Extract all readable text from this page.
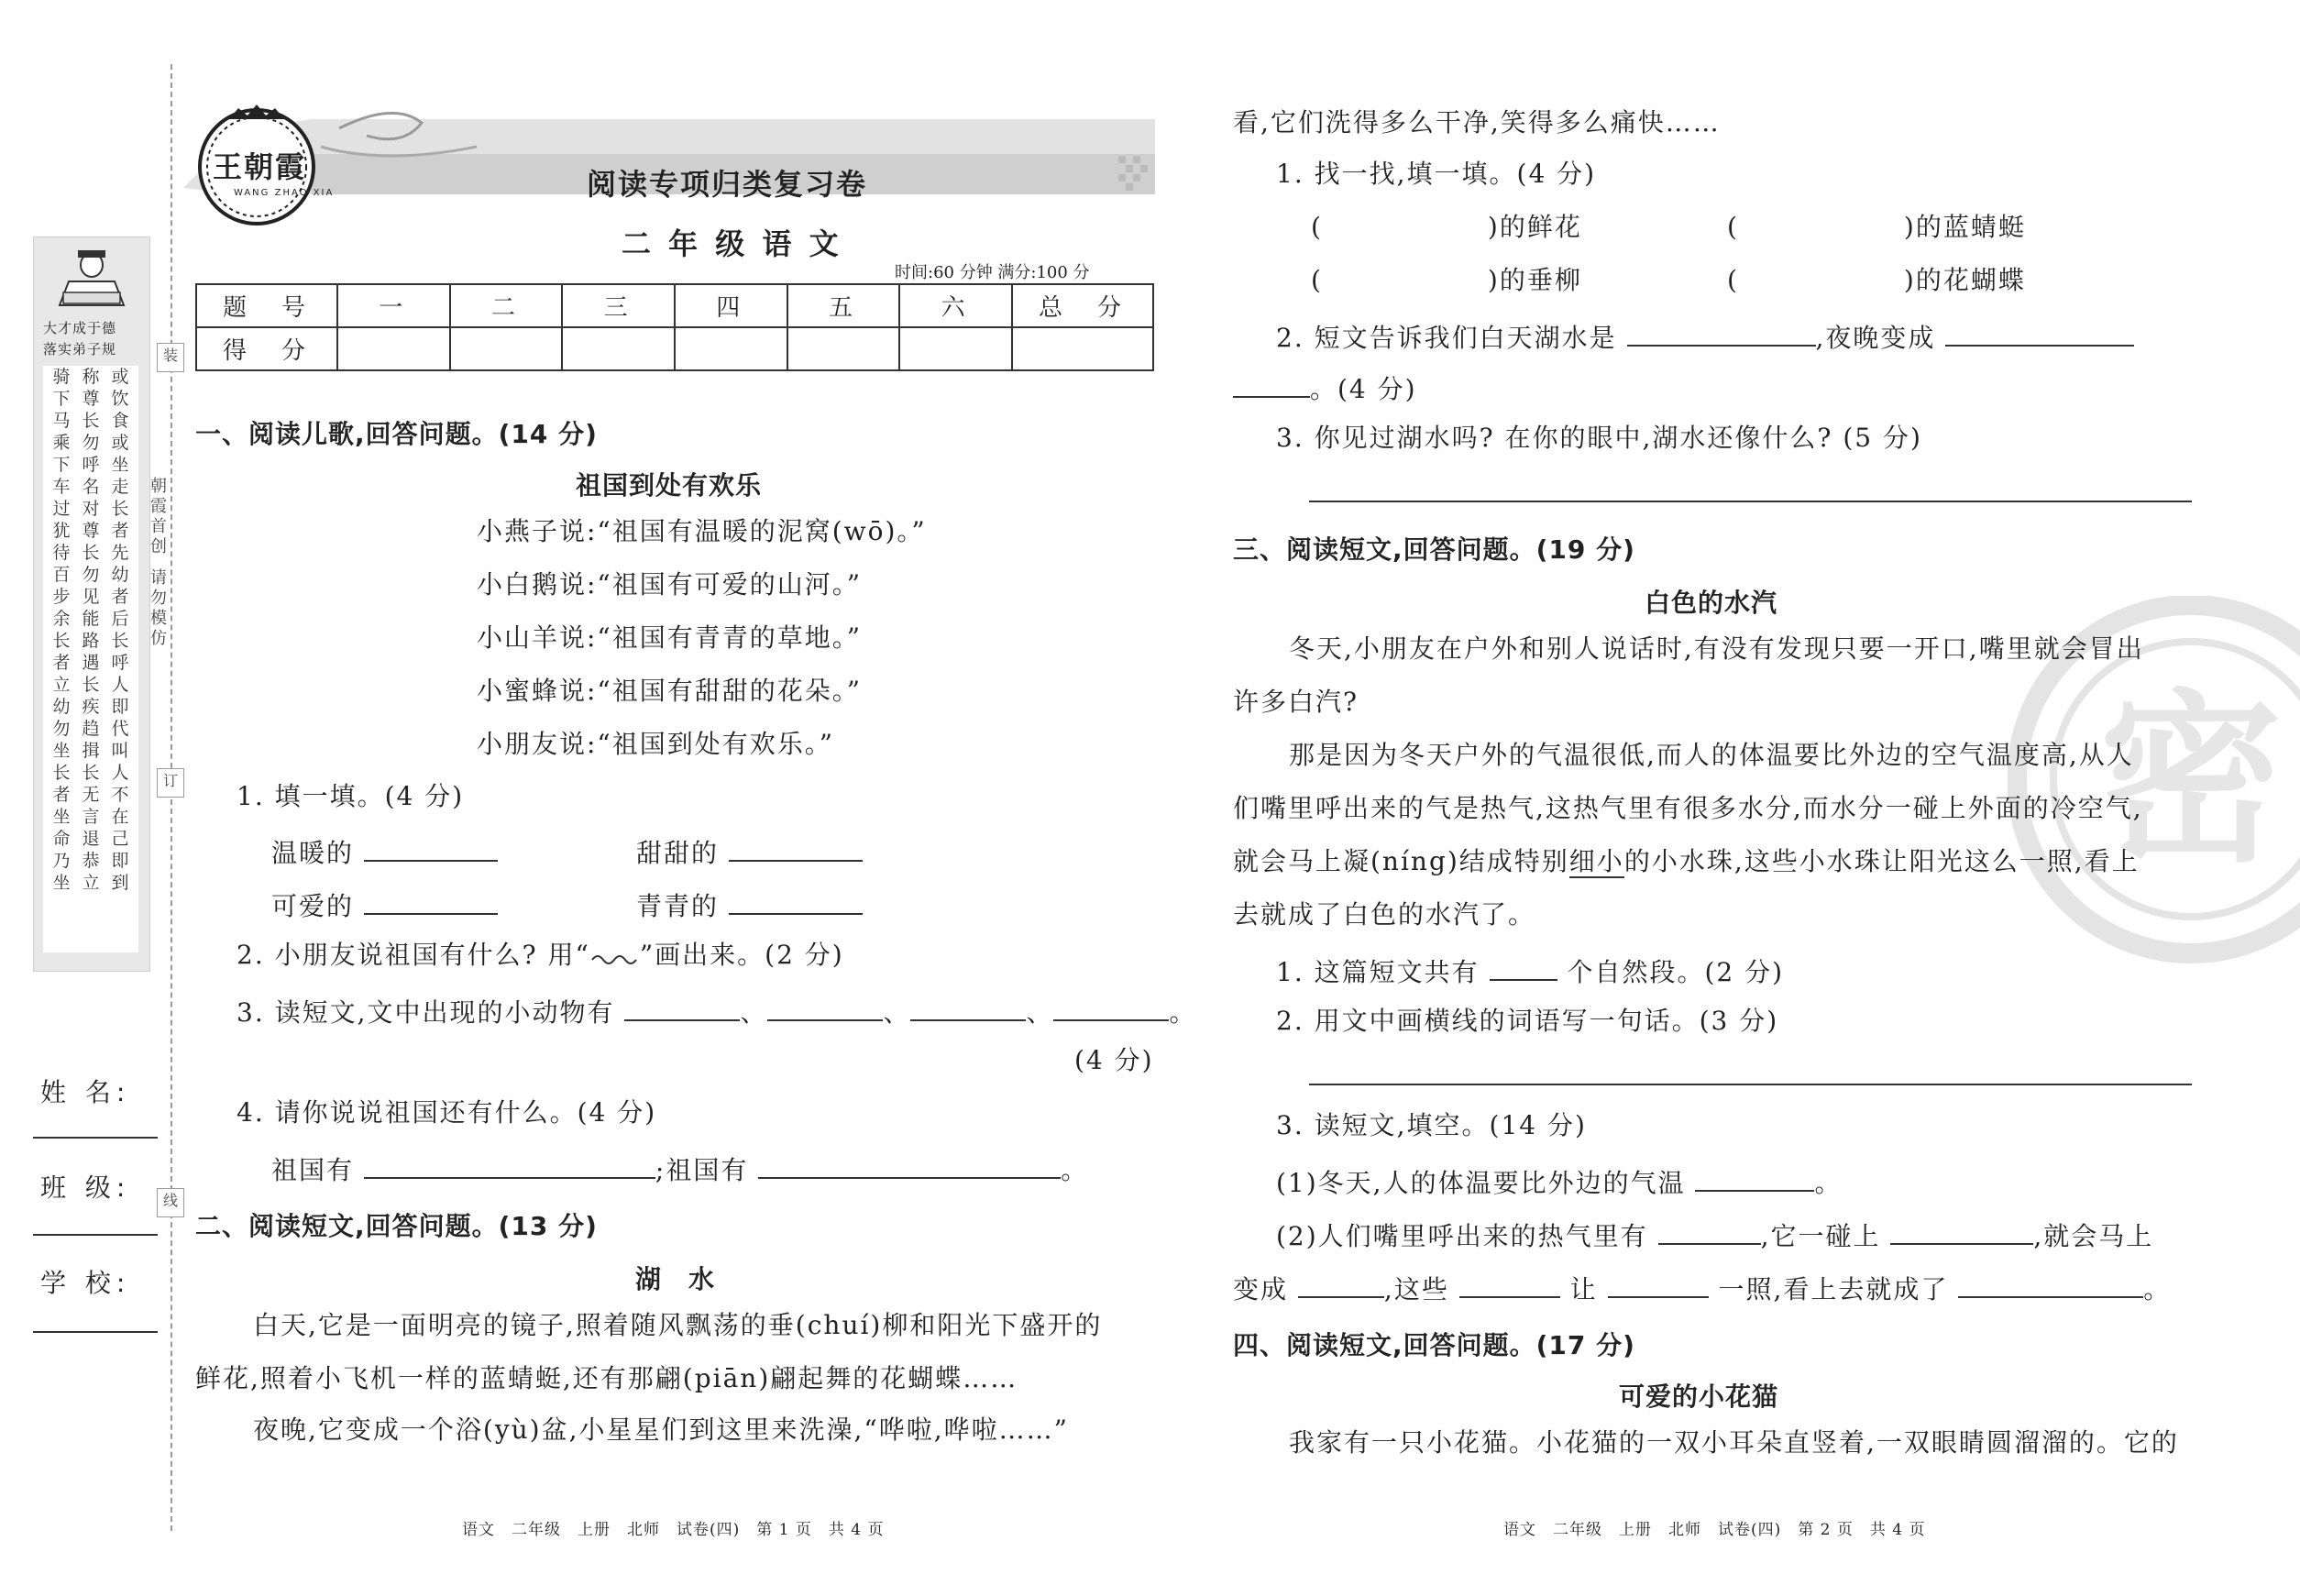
大才成于德
落实弟子规
骑下马乘下车过犹待百步余长者立幼勿坐长者坐命乃坐
称尊长勿呼名对尊长勿见能路遇长疾趋揖长无言退恭立
或饮食或坐走长者先幼者后长呼人即代叫人不在己即到
装
订
线
朝霞首创
请勿模仿
姓 名:
班 级:
学 校:
王朝霞
WANG ZHAO XIA	阅读专项归类复习卷
二 年 级 语 文
时间:60 分钟 满分:100 分
题　号	一	二	三	四	五	六	总　分
得　分							
一、阅读儿歌,回答问题。(14 分)
祖国到处有欢乐
小燕子说:“祖国有温暖的泥窝(wō)。”
小白鹅说:“祖国有可爱的山河。”
小山羊说:“祖国有青青的草地。”
小蜜蜂说:“祖国有甜甜的花朵。”
小朋友说:“祖国到处有欢乐。”
1. 填一填。(4 分)
温暖的	甜甜的
可爱的	青青的
2. 小朋友说祖国有什么? 用“ ”画出来。(2 分)
3. 读短文,文中出现的小动物有	、	、	、	。
(4 分)
4. 请你说说祖国还有什么。(4 分)
祖国有	;祖国有	。
二、阅读短文,回答问题。(13 分)
湖　水
白天,它是一面明亮的镜子,照着随风飘荡的垂(chuí)柳和阳光下盛开的
鲜花,照着小飞机一样的蓝蜻蜓,还有那翩(piān)翩起舞的花蝴蝶……
夜晚,它变成一个浴(yù)盆,小星星们到这里来洗澡,“哗啦,哗啦……”
语文　二年级　上册　北师　试卷(四)　第 1 页　共 4 页
密
看,它们洗得多么干净,笑得多么痛快……
1. 找一找,填一填。(4 分)
(　　　　　　)的鲜花	(　　　　　　)的蓝蜻蜓
(　　　　　　)的垂柳	(　　　　　　)的花蝴蝶
2. 短文告诉我们白天湖水是	,夜晚变成
。(4 分)
3. 你见过湖水吗? 在你的眼中,湖水还像什么? (5 分)
三、阅读短文,回答问题。(19 分)
白色的水汽
冬天,小朋友在户外和别人说话时,有没有发现只要一开口,嘴里就会冒出
许多白汽?
那是因为冬天户外的气温很低,而人的体温要比外边的空气温度高,从人
们嘴里呼出来的气是热气,这热气里有很多水分,而水分一碰上外面的冷空气,
就会马上凝(níng)结成特别细小的小水珠,这些小水珠让阳光这么一照,看上
去就成了白色的水汽了。
1. 这篇短文共有	个自然段。(2 分)
2. 用文中画横线的词语写一句话。(3 分)
3. 读短文,填空。(14 分)
(1)冬天,人的体温要比外边的气温	。
(2)人们嘴里呼出来的热气里有	,它一碰上	,就会马上
变成	,这些	让	一照,看上去就成了	。
四、阅读短文,回答问题。(17 分)
可爱的小花猫
我家有一只小花猫。小花猫的一双小耳朵直竖着,一双眼睛圆溜溜的。它的
语文　二年级　上册　北师　试卷(四)　第 2 页　共 4 页
